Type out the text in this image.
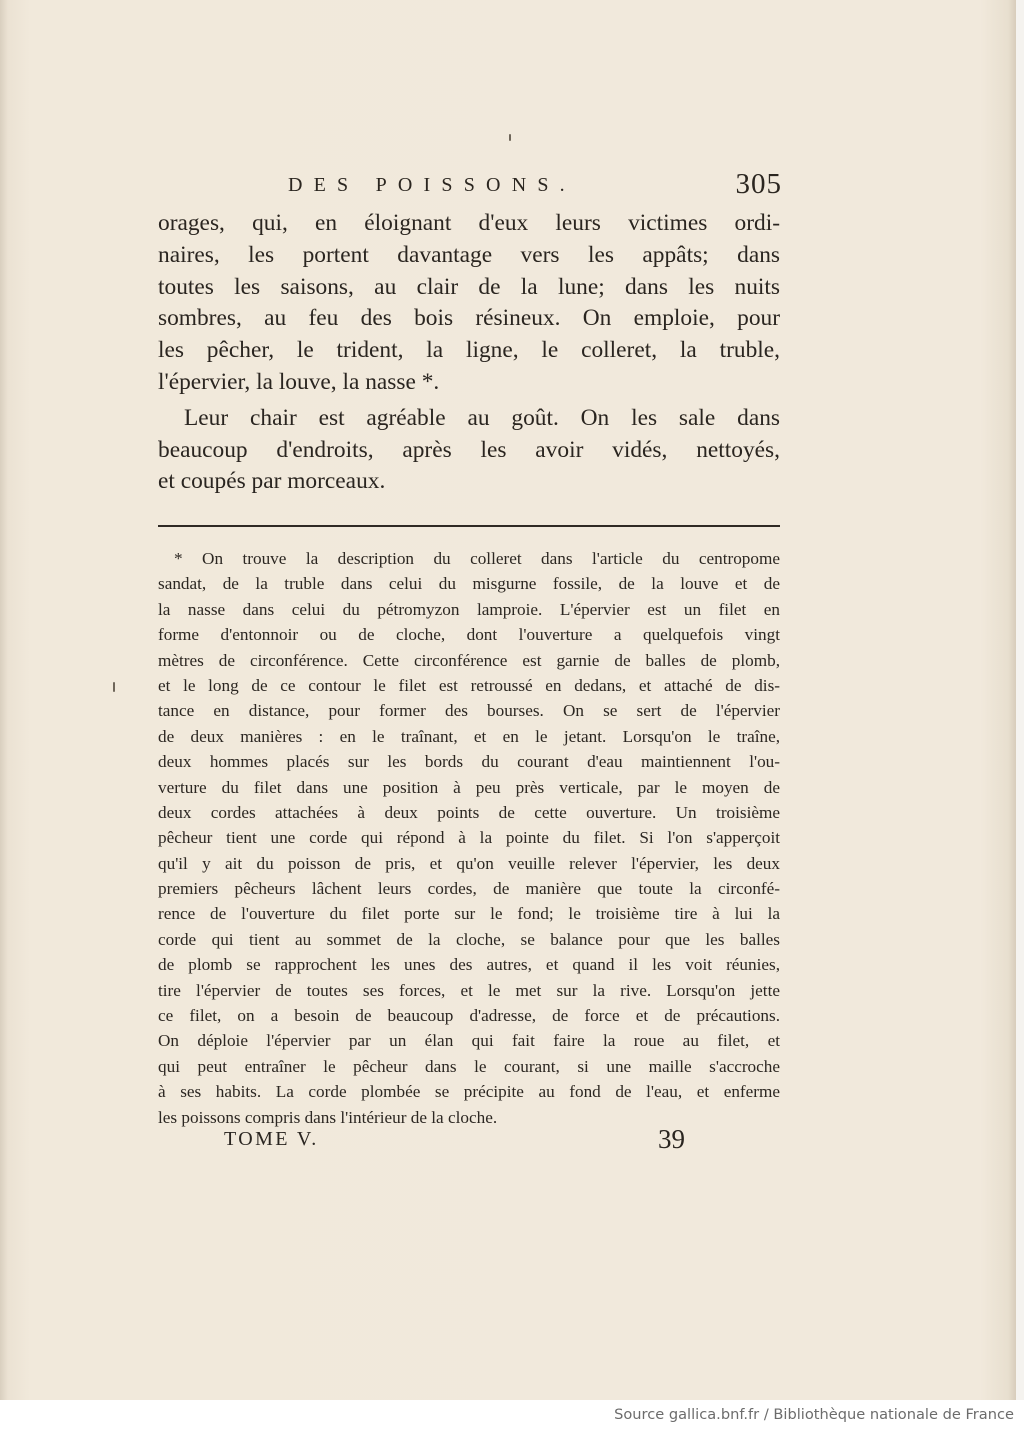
DES POISSONS.	305
orages, qui, en éloignant d'eux leurs victimes ordi-
naires, les portent davantage vers les appâts; dans
toutes les saisons, au clair de la lune; dans les nuits
sombres, au feu des bois résineux. On emploie, pour
les pêcher, le trident, la ligne, le colleret, la truble,
l'épervier, la louve, la nasse *.
Leur chair est agréable au goût. On les sale dans
beaucoup d'endroits, après les avoir vidés, nettoyés,
et coupés par morceaux.
* On trouve la description du colleret dans l'article du centropome
sandat, de la truble dans celui du misgurne fossile, de la louve et de
la nasse dans celui du pétromyzon lamproie. L'épervier est un filet en
forme d'entonnoir ou de cloche, dont l'ouverture a quelquefois vingt
mètres de circonférence. Cette circonférence est garnie de balles de plomb,
et le long de ce contour le filet est retroussé en dedans, et attaché de dis-
tance en distance, pour former des bourses. On se sert de l'épervier
de deux manières : en le traînant, et en le jetant. Lorsqu'on le traîne,
deux hommes placés sur les bords du courant d'eau maintiennent l'ou-
verture du filet dans une position à peu près verticale, par le moyen de
deux cordes attachées à deux points de cette ouverture. Un troisième
pêcheur tient une corde qui répond à la pointe du filet. Si l'on s'apperçoit
qu'il y ait du poisson de pris, et qu'on veuille relever l'épervier, les deux
premiers pêcheurs lâchent leurs cordes, de manière que toute la circonfé-
rence de l'ouverture du filet porte sur le fond; le troisième tire à lui la
corde qui tient au sommet de la cloche, se balance pour que les balles
de plomb se rapprochent les unes des autres, et quand il les voit réunies,
tire l'épervier de toutes ses forces, et le met sur la rive. Lorsqu'on jette
ce filet, on a besoin de beaucoup d'adresse, de force et de précautions.
On déploie l'épervier par un élan qui fait faire la roue au filet, et
qui peut entraîner le pêcheur dans le courant, si une maille s'accroche
à ses habits. La corde plombée se précipite au fond de l'eau, et enferme
les poissons compris dans l'intérieur de la cloche.
TOME V.	39
Source gallica.bnf.fr / Bibliothèque nationale de France
